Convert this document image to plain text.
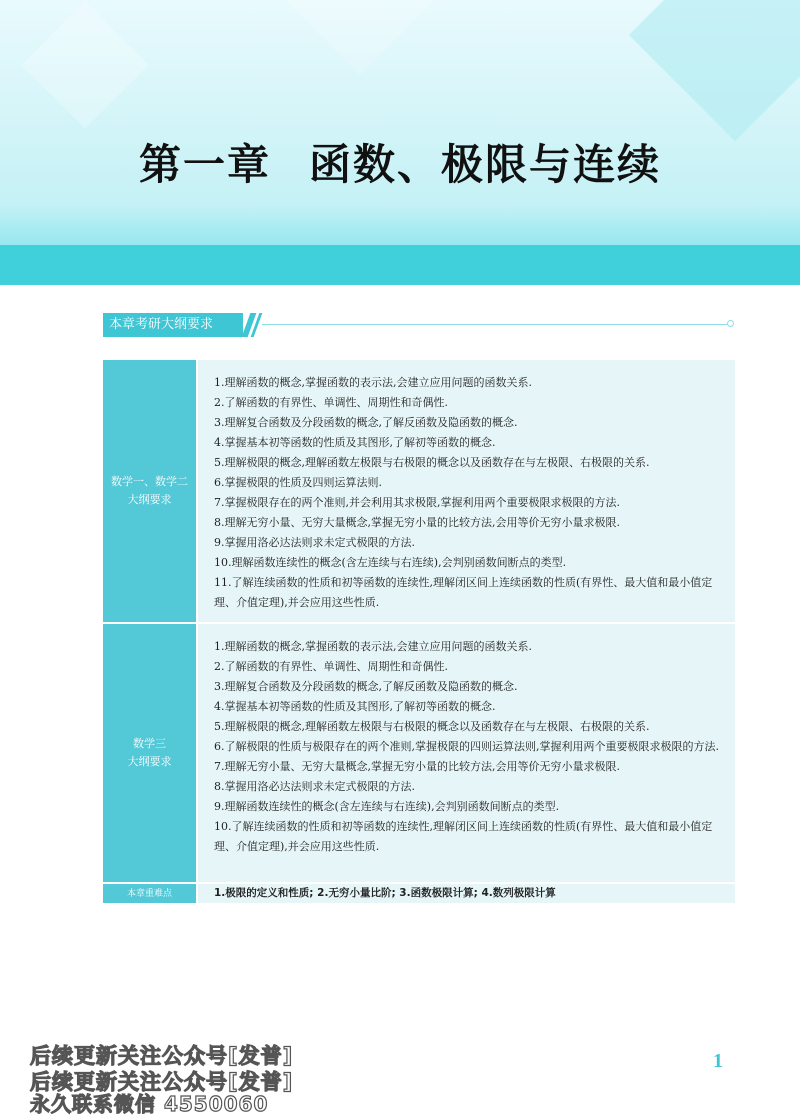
第一章 函数、极限与连续
本章考研大纲要求
数学一、数学二
大纲要求

1.理解函数的概念,掌握函数的表示法,会建立应用问题的函数关系.

2.了解函数的有界性、单调性、周期性和奇偶性.

3.理解复合函数及分段函数的概念,了解反函数及隐函数的概念.

4.掌握基本初等函数的性质及其图形,了解初等函数的概念.

5.理解极限的概念,理解函数左极限与右极限的概念以及函数存在与左极限、右极限的关系.

6.掌握极限的性质及四则运算法则.

7.掌握极限存在的两个准则,并会利用其求极限,掌握利用两个重要极限求极限的方法.

8.理解无穷小量、无穷大量概念,掌握无穷小量的比较方法,会用等价无穷小量求极限.

9.掌握用洛必达法则求未定式极限的方法.

10.理解函数连续性的概念(含左连续与右连续),会判别函数间断点的类型.

11.了解连续函数的性质和初等函数的连续性,理解闭区间上连续函数的性质(有界性、最大值和最小值定理、介值定理),并会应用这些性质.

数学三
大纲要求

1.理解函数的概念,掌握函数的表示法,会建立应用问题的函数关系.

2.了解函数的有界性、单调性、周期性和奇偶性.

3.理解复合函数及分段函数的概念,了解反函数及隐函数的概念.

4.掌握基本初等函数的性质及其图形,了解初等函数的概念.

5.理解极限的概念,理解函数左极限与右极限的概念以及函数存在与左极限、右极限的关系.

6.了解极限的性质与极限存在的两个准则,掌握极限的四则运算法则,掌握利用两个重要极限求极限的方法.

7.理解无穷小量、无穷大量概念,掌握无穷小量的比较方法,会用等价无穷小量求极限.

8.掌握用洛必达法则求未定式极限的方法.

9.理解函数连续性的概念(含左连续与右连续),会判别函数间断点的类型.

10.了解连续函数的性质和初等函数的连续性,理解闭区间上连续函数的性质(有界性、最大值和最小值定理、介值定理),并会应用这些性质.

本章重难点	1.极限的定义和性质; 2.无穷小量比阶; 3.函数极限计算; 4.数列极限计算
1
后续更新关注公众号[发普]
后续更新关注公众号[发普]
永久联系微信 4550060
